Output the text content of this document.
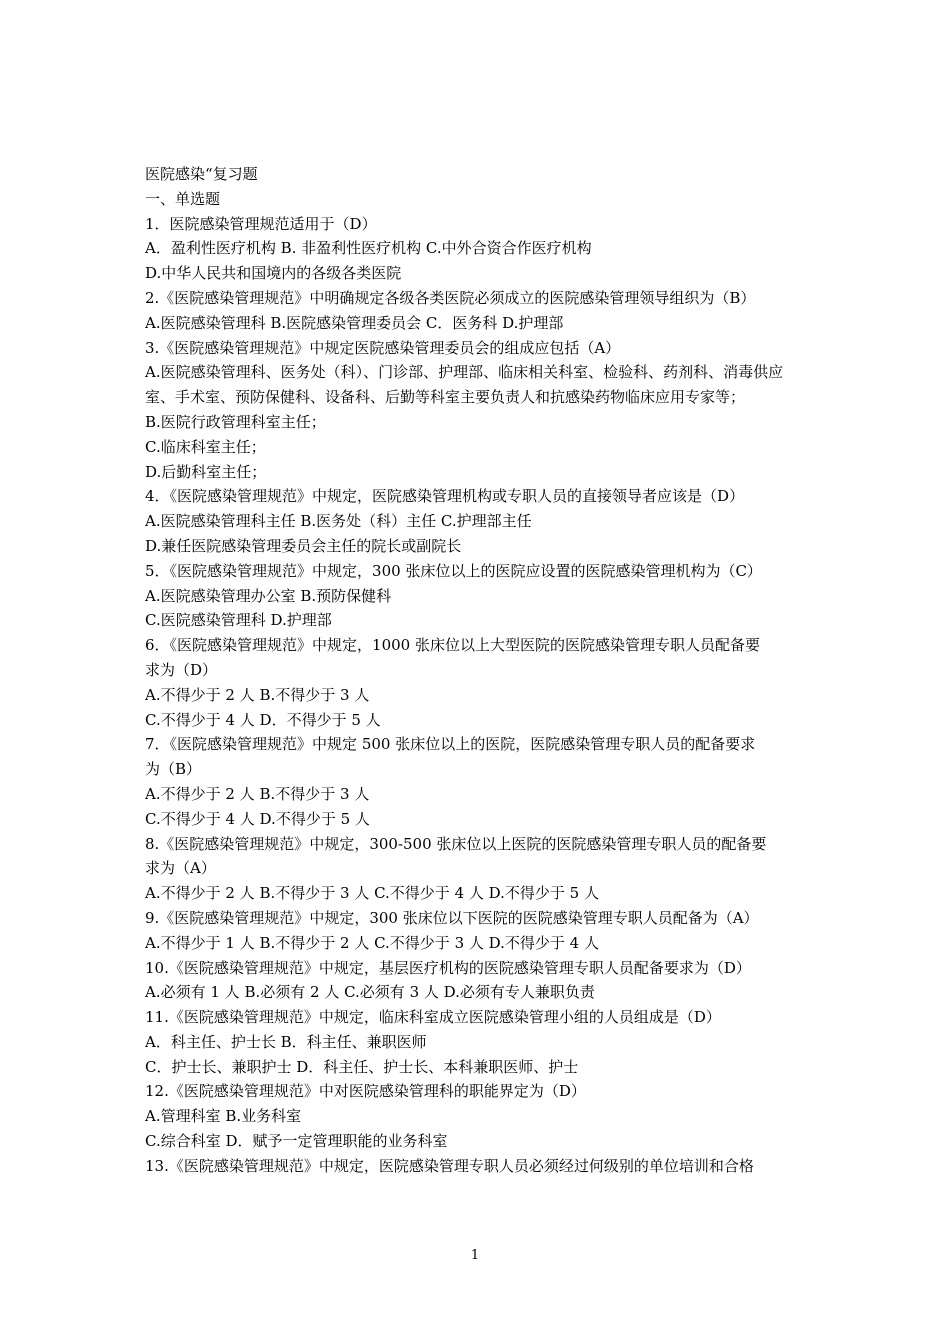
医院感染“复习题
一、单选题
1．医院感染管理规范适用于（D）
A．盈利性医疗机构 B. 非盈利性医疗机构 C.中外合资合作医疗机构
D.中华人民共和国境内的各级各类医院
2.《医院感染管理规范》中明确规定各级各类医院必须成立的医院感染管理领导组织为（B）
A.医院感染管理科 B.医院感染管理委员会 C．医务科 D.护理部
3.《医院感染管理规范》中规定医院感染管理委员会的组成应包括（A）
A.医院感染管理科、医务处（科）、门诊部、护理部、临床相关科室、检验科、药剂科、消毒供应
室、手术室、预防保健科、设备科、后勤等科室主要负责人和抗感染药物临床应用专家等；
B.医院行政管理科室主任；
C.临床科室主任；
D.后勤科室主任；
4．《医院感染管理规范》中规定，医院感染管理机构或专职人员的直接领导者应该是（D）
A.医院感染管理科主任 B.医务处（科）主任 C.护理部主任
D.兼任医院感染管理委员会主任的院长或副院长
5．《医院感染管理规范》中规定，300 张床位以上的医院应设置的医院感染管理机构为（C）
A.医院感染管理办公室 B.预防保健科
C.医院感染管理科 D.护理部
6．《医院感染管理规范》中规定，1000 张床位以上大型医院的医院感染管理专职人员配备要
求为（D）
A.不得少于 2 人 B.不得少于 3 人
C.不得少于 4 人 D．不得少于 5 人
7．《医院感染管理规范》中规定 500 张床位以上的医院，医院感染管理专职人员的配备要求
为（B）
A.不得少于 2 人 B.不得少于 3 人
C.不得少于 4 人 D.不得少于 5 人
8.《医院感染管理规范》中规定，300-500 张床位以上医院的医院感染管理专职人员的配备要
求为（A）
A.不得少于 2 人 B.不得少于 3 人 C.不得少于 4 人 D.不得少于 5 人
9.《医院感染管理规范》中规定，300 张床位以下医院的医院感染管理专职人员配备为（A）
A.不得少于 1 人 B.不得少于 2 人 C.不得少于 3 人 D.不得少于 4 人
10.《医院感染管理规范》中规定，基层医疗机构的医院感染管理专职人员配备要求为（D）
A.必须有 1 人 B.必须有 2 人 C.必须有 3 人 D.必须有专人兼职负责
11.《医院感染管理规范》中规定，临床科室成立医院感染管理小组的人员组成是（D）
A．科主任、护士长 B．科主任、兼职医师
C．护士长、兼职护士 D．科主任、护士长、本科兼职医师、护士
12.《医院感染管理规范》中对医院感染管理科的职能界定为（D）
A.管理科室 B.业务科室
C.综合科室 D．赋予一定管理职能的业务科室
13.《医院感染管理规范》中规定，医院感染管理专职人员必须经过何级别的单位培训和合格
1
